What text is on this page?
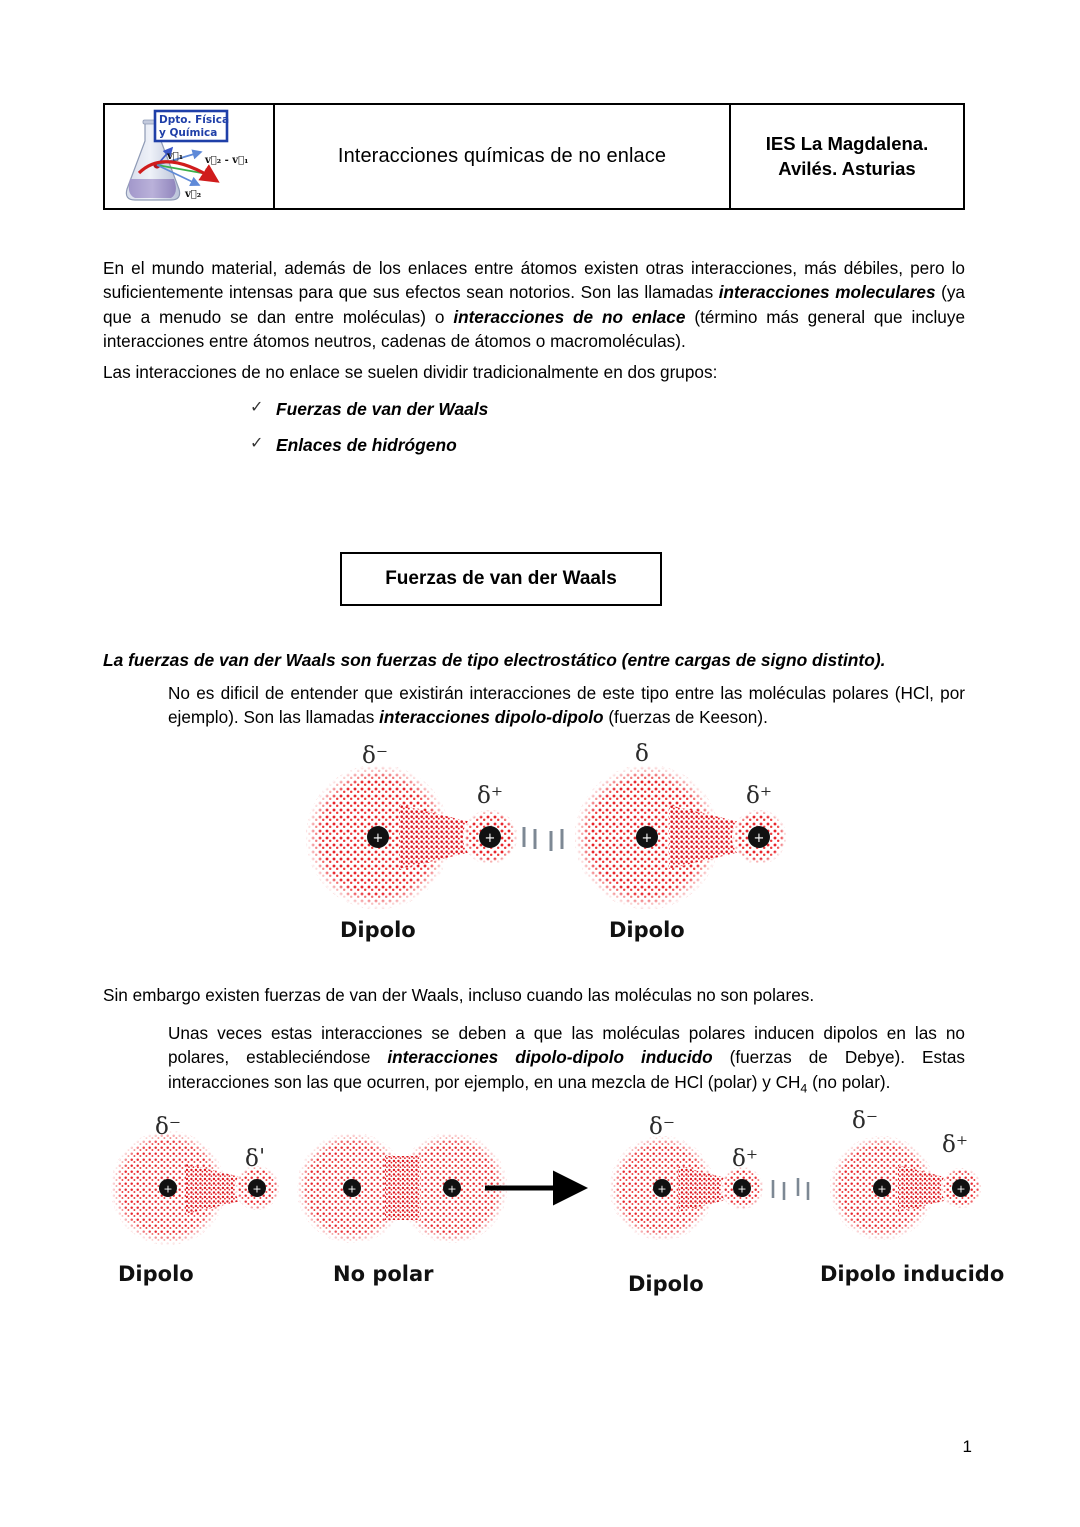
Dpto. Física
y Química
v⃗₁ v⃗₂ - v⃗₁
v⃗₂
Interacciones químicas de no enlace
IES La Magdalena.
Avilés. Asturias
En el mundo material, además de los enlaces entre átomos existen otras interacciones, más débiles, pero lo suficientemente intensas para que sus efectos sean notorios. Son las llamadas interacciones moleculares (ya que a menudo se dan entre moléculas) o interacciones de no enlace (término más general que incluye interacciones entre átomos neutros, cadenas de átomos o macromoléculas).
Las interacciones de no enlace se suelen dividir tradicionalmente en dos grupos:
✓ Fuerzas de van der Waals
✓ Enlaces de hidrógeno
Fuerzas de van der Waals
La fuerzas de van der Waals son fuerzas de tipo electrostático (entre cargas de signo distinto).
No es dificil de entender que existirán interacciones de este tipo entre las moléculas polares (HCl, por ejemplo). Son las llamadas interacciones dipolo-dipolo (fuerzas de Keeson).
+	+	+	+
δ⁻
δ⁺
δ
δ⁺
Dipolo	Dipolo
Sin embargo existen fuerzas de van der Waals, incluso cuando las moléculas no son polares.
Unas veces estas interacciones se deben a que las moléculas polares inducen dipolos en las no polares, estableciéndose interacciones dipolo-dipolo inducido (fuerzas de Debye). Estas interacciones son las que ocurren, por ejemplo, en una mezcla de HCl (polar) y $CH_4$ (no polar).
+	+	+	+	+	+	+	+
δ⁻
δˈ
δ⁻
δ⁺
δ⁻
δ⁺
Dipolo	No polar	Dipolo	Dipolo inducido
1
